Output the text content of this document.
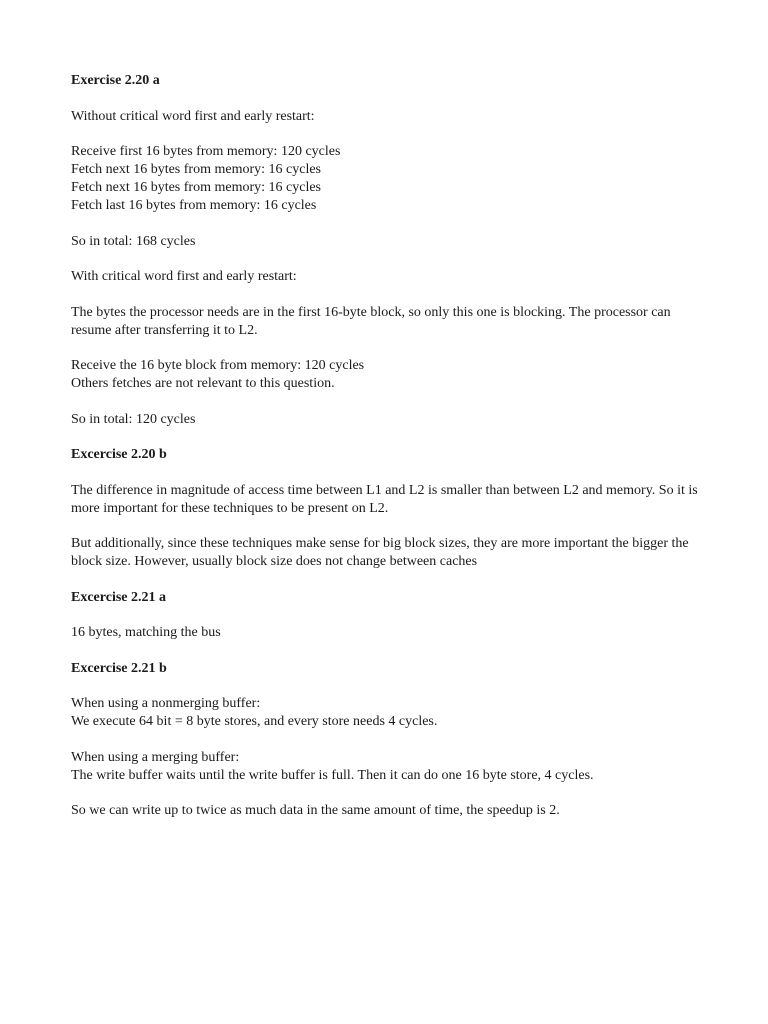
Exercise 2.20 a
Without critical word first and early restart:
Receive first 16 bytes from memory: 120 cycles
Fetch next 16 bytes from memory: 16 cycles
Fetch next 16 bytes from memory: 16 cycles
Fetch last 16 bytes from memory: 16 cycles
So in total: 168 cycles
With critical word first and early restart:
The bytes the processor needs are in the first 16-byte block, so only this one is blocking. The processor can resume after transferring it to L2.
Receive the 16 byte block from memory: 120 cycles
Others fetches are not relevant to this question.
So in total: 120 cycles
Excercise 2.20 b
The difference in magnitude of access time between L1 and L2 is smaller than between L2 and memory. So it is more important for these techniques to be present on L2.
But additionally, since these techniques make sense for big block sizes, they are more important the bigger the block size. However, usually block size does not change between caches
Excercise 2.21 a
16 bytes, matching the bus
Excercise 2.21 b
When using a nonmerging buffer:
We execute 64 bit = 8 byte stores, and every store needs 4 cycles.
When using a merging buffer:
The write buffer waits until the write buffer is full. Then it can do one 16 byte store, 4 cycles.
So we can write up to twice as much data in the same amount of time, the speedup is 2.
